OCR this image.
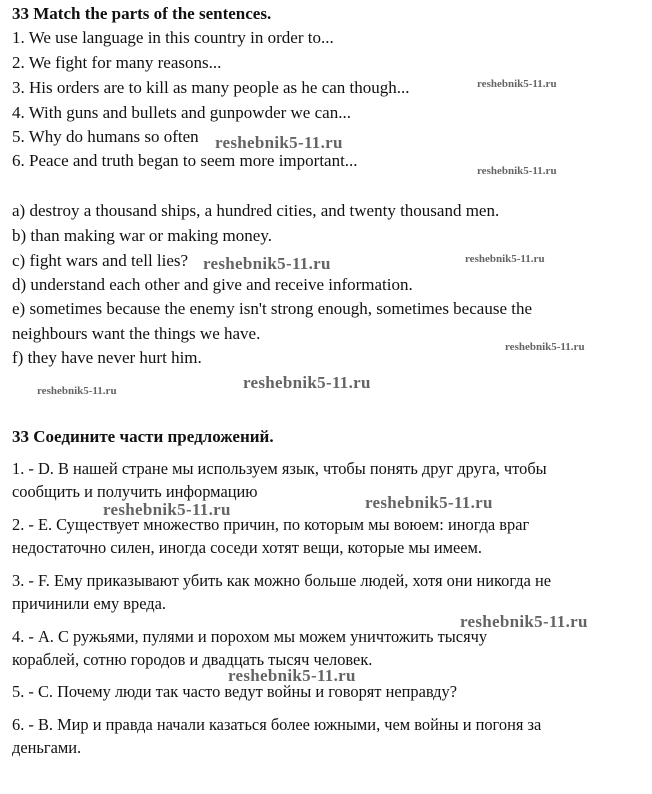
33 Match the parts of the sentences.
1. We use language in this country in order to...
2. We fight for many reasons...
3. His orders are to kill as many people as he can though...
4. With guns and bullets and gunpowder we can...
5. Why do humans so often
6. Peace and truth began to seem more important...
a) destroy a thousand ships, a hundred cities, and twenty thousand men.
b) than making war or making money.
c) fight wars and tell lies?
d) understand each other and give and receive information.
e) sometimes because the enemy isn't strong enough, sometimes because the
neighbours want the things we have.
f) they have never hurt him.
33 Соедините части предложений.
1. - D. В нашей стране мы используем язык, чтобы понять друг друга, чтобы
сообщить и получить информацию
2. - Е. Существует множество причин, по которым мы воюем: иногда враг
недостаточно силен, иногда соседи хотят вещи, которые мы имеем.
3. - F. Ему приказывают убить как можно больше людей, хотя они никогда не
причинили ему вреда.
4. - А. С ружьями, пулями и порохом мы можем уничтожить тысячу
кораблей, сотню городов и двадцать тысяч человек.
5. - С. Почему люди так часто ведут войны и говорят неправду?
6. - В. Мир и правда начали казаться более южными, чем войны и погоня за
деньгами.
reshebnik5-11.ru
reshebnik5-11.ru
reshebnik5-11.ru
reshebnik5-11.ru	reshebnik5-11.ru
reshebnik5-11.ru
reshebnik5-11.ru
reshebnik5-11.ru
reshebnik5-11.ru
reshebnik5-11.ru
reshebnik5-11.ru
reshebnik5-11.ru
